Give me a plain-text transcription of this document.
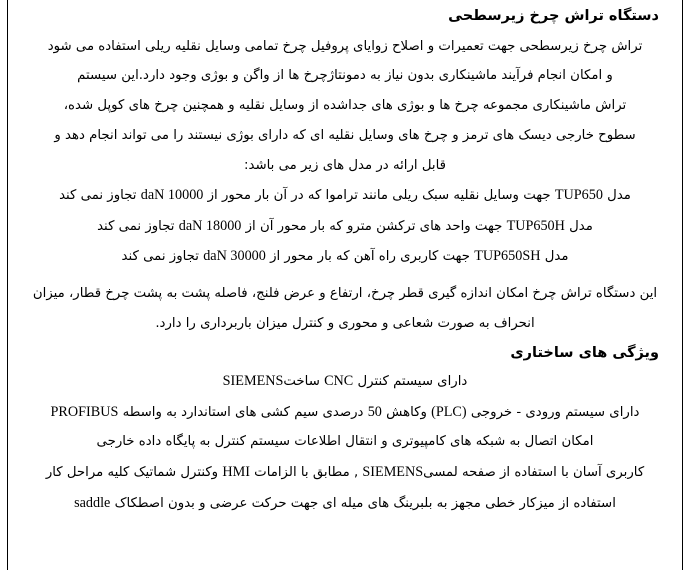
دستگاه تراش چرخ زیرسطحی

تراش چرخ زیرسطحی جهت تعمیرات و اصلاح زوایای پروفیل چرخ تمامی وسایل نقلیه ریلی استفاده می شود

و امکان انجام فرآیند ماشینکاری بدون نیاز به دمونتاژچرخ ها از واگن و بوژی وجود دارد.این سیستم

تراش ماشینکاری مجموعه چرخ ها و بوژی های جداشده از وسایل نقلیه و همچنین چرخ های کوپل شده،

سطوح خارجی دیسک های ترمز و چرخ های وسایل نقلیه ای که دارای بوژی نیستند را می تواند انجام دهد و

قابل ارائه در مدل های زیر می باشد:

مدل TUP650 جهت وسایل نقلیه سبک ریلی مانند تراموا که در آن بار محور از daN 10000 تجاوز نمی کند
مدل TUP650H جهت واحد های ترکشن مترو که بار محور آن از daN 18000 تجاوز نمی کند
مدل TUP650SH جهت کاربری راه آهن که بار محور از daN 30000 تجاوز نمی کند

این دستگاه تراش چرخ امکان اندازه گیری قطر چرخ، ارتفاع و عرض فلنج، فاصله پشت به پشت چرخ قطار، میزان

انحراف به صورت شعاعی و محوری و کنترل میزان باربرداری را دارد.

ویژگی های ساختاری
دارای سیستم کنترل CNC ساختSIEMENS
دارای سیستم ورودی - خروجی (PLC) وکاهش 50 درصدی سیم کشی های استاندارد به واسطه PROFIBUS
امکان اتصال به شبکه های کامپیوتری و انتقال اطلاعات سیستم کنترل به پایگاه داده خارجی
کاربری آسان با استفاده از صفحه لمسیSIEMENS , مطابق با الزامات HMI وکنترل شماتیک کلیه مراحل کار
استفاده از میزکار خطی مجهز به بلبرینگ های میله ای جهت حرکت عرضی و بدون اصطکاک saddle
